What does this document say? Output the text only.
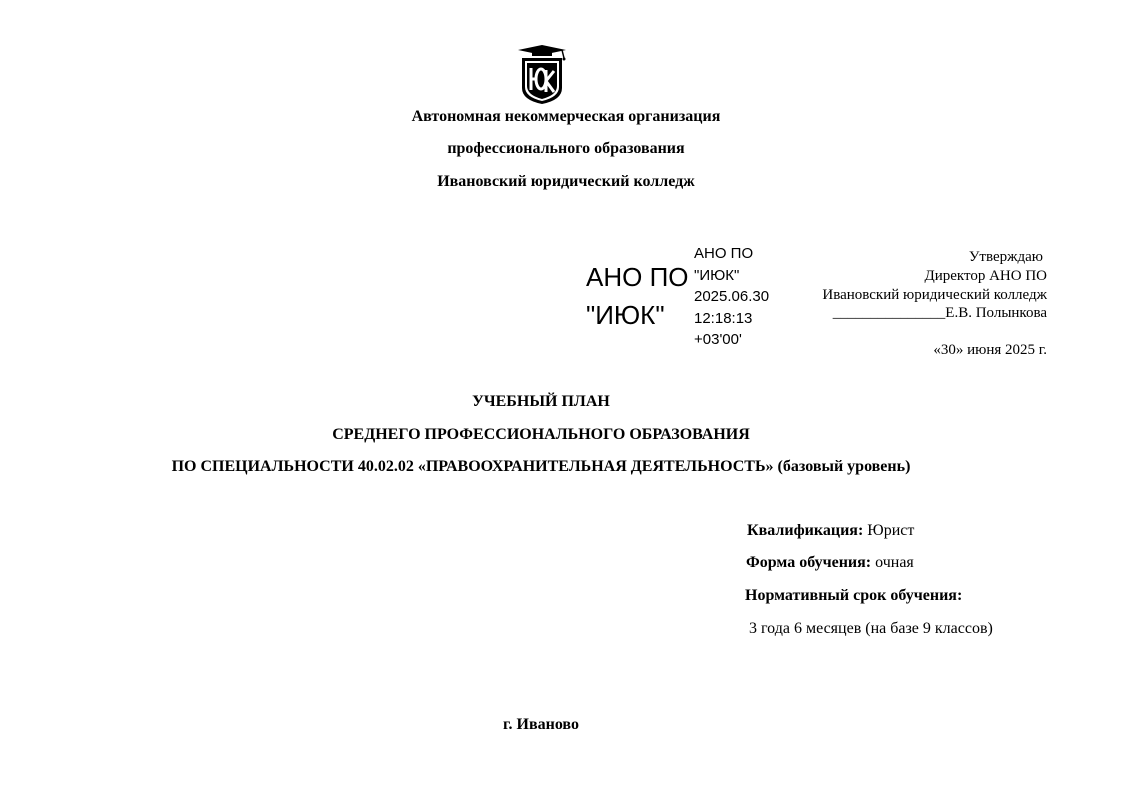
Автономная некоммерческая организация
профессионального образования
Ивановский юридический колледж
АНО ПО
"ИЮК"
АНО ПО
"ИЮК"
2025.06.30
12:18:13
+03'00'
Утверждаю
Директор АНО ПО
Ивановский юридический колледж
_______________Е.В. Полынкова
«30» июня 2025 г.
УЧЕБНЫЙ ПЛАН
СРЕДНЕГО ПРОФЕССИОНАЛЬНОГО ОБРАЗОВАНИЯ
ПО СПЕЦИАЛЬНОСТИ 40.02.02 «ПРАВООХРАНИТЕЛЬНАЯ ДЕЯТЕЛЬНОСТЬ» (базовый уровень)
Квалификация: Юрист
Форма обучения: очная
Нормативный срок обучения:
3 года 6 месяцев (на базе 9 классов)
г. Иваново
